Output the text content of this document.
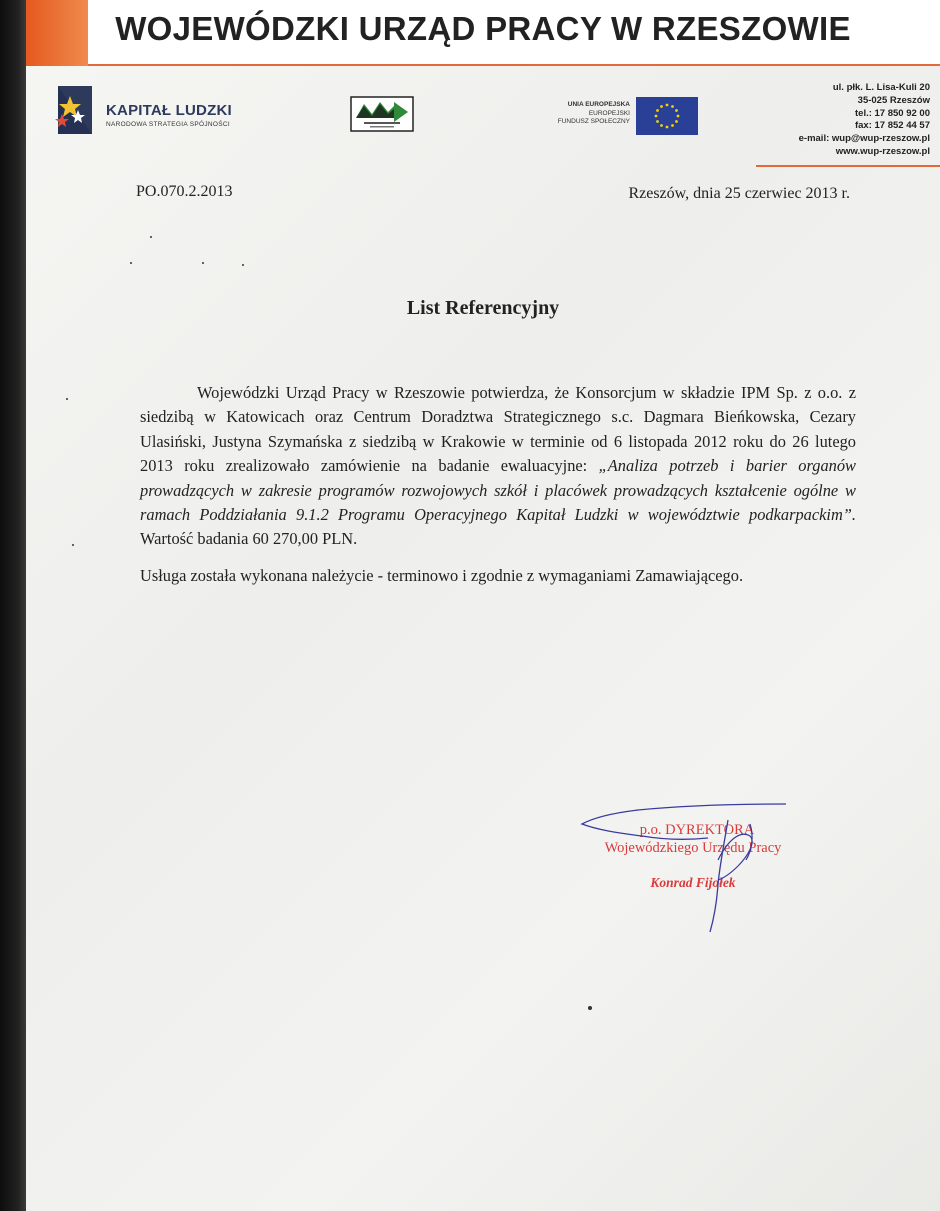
WOJEWÓDZKI URZĄD PRACY W RZESZOWIE
KAPITAŁ LUDZKI
NARODOWA STRATEGIA SPÓJNOŚCI
UNIA EUROPEJSKA
EUROPEJSKI
FUNDUSZ SPOŁECZNY
ul. płk. L. Lisa-Kuli 20
35-025 Rzeszów
tel.: 17 850 92 00
fax: 17 852 44 57
e-mail: wup@wup-rzeszow.pl
www.wup-rzeszow.pl
PO.070.2.2013	Rzeszów, dnia 25 czerwiec 2013 r.
List Referencyjny

Wojewódzki Urząd Pracy w Rzeszowie potwierdza, że Konsorcjum w składzie IPM Sp. z o.o. z siedzibą w Katowicach oraz Centrum Doradztwa Strategicznego s.c. Dagmara Bieńkowska, Cezary Ulasiński, Justyna Szymańska z siedzibą w Krakowie w terminie od 6 listopada 2012 roku do 26 lutego 2013 roku zrealizowało zamówienie na badanie ewaluacyjne: „Analiza potrzeb i barier organów prowadzących w zakresie programów rozwojowych szkół i placówek prowadzących kształcenie ogólne w ramach Poddziałania 9.1.2 Programu Operacyjnego Kapitał Ludzki w województwie podkarpackim”. Wartość badania 60 270,00 PLN.

Usługa została wykonana należycie - terminowo i zgodnie z wymaganiami Zamawiającego.

p.o. DYREKTORA
Wojewódzkiego Urzędu Pracy
Konrad Fijołek
